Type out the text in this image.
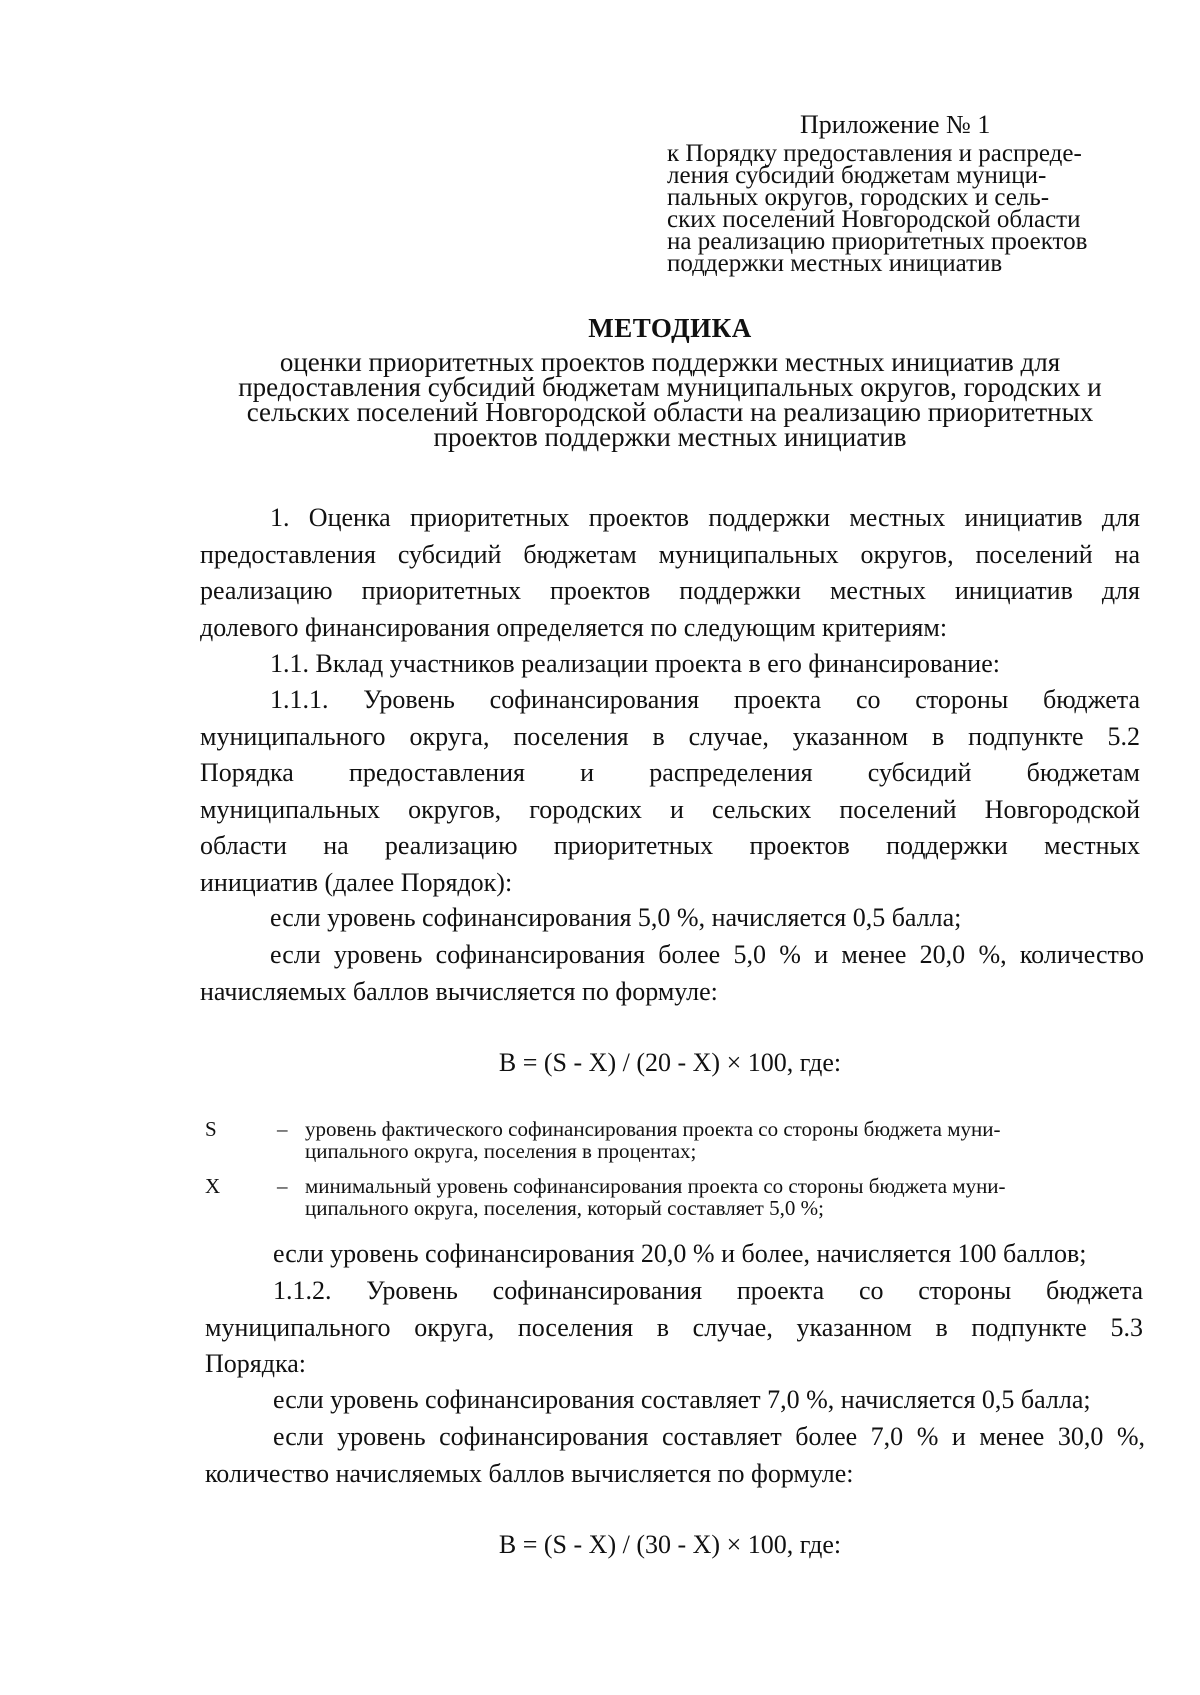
Приложение № 1
к Порядку предоставления и распреде-
ления субсидий бюджетам муници-
пальных округов, городских и сель-
ских поселений Новгородской области
на реализацию приоритетных проектов
поддержки местных инициатив
МЕТОДИКА
оценки приоритетных проектов поддержки местных инициатив для
предоставления субсидий бюджетам муниципальных округов, городских и
сельских поселений Новгородской области на реализацию приоритетных
проектов поддержки местных инициатив
1. Оценка приоритетных проектов поддержки местных инициатив для
предоставления субсидий бюджетам муниципальных округов, поселений на
реализацию приоритетных проектов поддержки местных инициатив для
долевого финансирования определяется по следующим критериям:
1.1. Вклад участников реализации проекта в его финансирование:
1.1.1. Уровень софинансирования проекта со стороны бюджета
муниципального округа, поселения в случае, указанном в подпункте 5.2
Порядка предоставления и распределения субсидий бюджетам
муниципальных округов, городских и сельских поселений Новгородской
области на реализацию приоритетных проектов поддержки местных
инициатив (далее Порядок):
если уровень софинансирования 5,0 %, начисляется 0,5 балла;
если уровень софинансирования более 5,0 % и менее 20,0 %, количество
начисляемых баллов вычисляется по формуле:
B = (S - X) / (20 - X) × 100, где:
S	– уровень фактического софинансирования проекта со стороны бюджета муни-
ципального округа, поселения в процентах;
X	– минимальный уровень софинансирования проекта со стороны бюджета муни-
ципального округа, поселения, который составляет 5,0 %;
если уровень софинансирования 20,0 % и более, начисляется 100 баллов;
1.1.2. Уровень софинансирования проекта со стороны бюджета
муниципального округа, поселения в случае, указанном в подпункте 5.3
Порядка:
если уровень софинансирования составляет 7,0 %, начисляется 0,5 балла;
если уровень софинансирования составляет более 7,0 % и менее 30,0 %,
количество начисляемых баллов вычисляется по формуле:
B = (S - X) / (30 - X) × 100, где:
